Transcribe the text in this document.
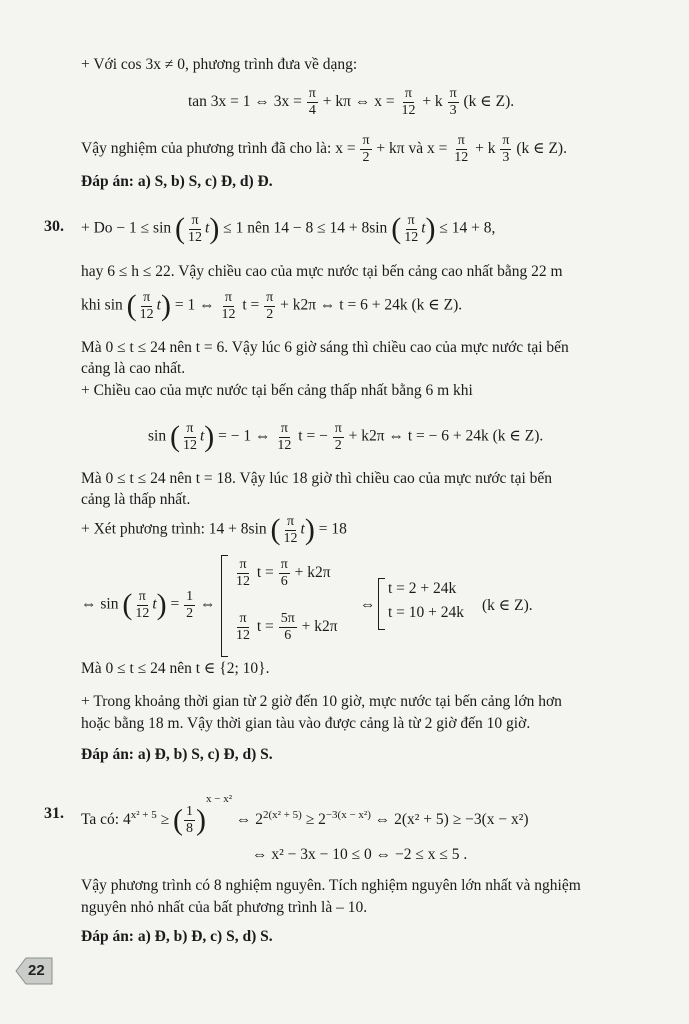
+ Với cos 3x ≠ 0, phương trình đưa về dạng:
tan 3x = 1 ⇔ $3x = \frac{\pi}{4} + k\pi$ ⇔ $x = \frac{\pi}{12} + k \frac{\pi}{3} (k$ ∈ Z).
Vậy nghiệm của phương trình đã cho là: $x = \frac{\pi}{2} + k\pi$ và $x = \frac{\pi}{12} + k \frac{\pi}{3} (k$ ∈ Z).
Đáp án: a) S, b) S, c) Đ, d) Đ.
30. + Do − 1 ≤ sin ( $\frac{\pi}{12} t) \le 1$ nên 14 − 8 ≤ 14 + 8sin ( $\frac{\pi}{12} t) \le 14 + 8$,
hay 6 ≤ h ≤ 22. Vậy chiều cao của mực nước tại bến cảng cao nhất bằng 22 m
khi sin ( $\frac{\pi}{12} t) = 1$ ⇔ $\frac{\pi}{12}$ $t = \frac{\pi}{2} + k2\pi$ ⇔ t = 6 + 24k (k ∈ Z).
Mà 0 ≤ t ≤ 24 nên t = 6. Vậy lúc 6 giờ sáng thì chiều cao của mực nước tại bến
cảng là cao nhất.
+ Chiều cao của mực nước tại bến cảng thấp nhất bằng 6 m khi
sin ( $\frac{\pi}{12} t$) = − 1 ⇔ $\frac{\pi}{12}$ t = − $\frac{\pi}{2} + k2\pi$ ⇔ t = − 6 + 24k (k ∈ Z).
Mà 0 ≤ t ≤ 24 nên t = 18. Vậy lúc 18 giờ thì chiều cao của mực nước tại bến
cảng là thấp nhất.
+ Xét phương trình: 14 + 8sin ( $\frac{\pi}{12} t) = 18$
⇔ sin ( $\frac{\pi}{12} t) = \frac{1}{2}$ ⇔
$\frac{\pi}{12}$ $t = \frac{\pi}{6} + k2\pi$
$\frac{\pi}{12}$ $t = \frac{5\pi}{6} + k2\pi$
⇔
t = 2 + 24k
t = 10 + 24k (k ∈ Z).
Mà 0 ≤ t ≤ 24 nên t ∈ {2; 10}.
+ Trong khoảng thời gian từ 2 giờ đến 10 giờ, mực nước tại bến cảng lớn hơn
hoặc bằng 18 m. Vậy thời gian tàu vào được cảng là từ 2 giờ đến 10 giờ.
Đáp án: a) Đ, b) S, c) Đ, d) S.
31. Ta có: $4^{x^2 + 5}$ ≥ ( $\frac{1}{8} )^{x - x^2}$ ⇔ $2^{2(x^2 + 5)} \ge 2^{-3(x - x^2)}$ ⇔ 2(x² + 5) ≥ −3(x − x²)
⇔ x² − 3x − 10 ≤ 0 ⇔ −2 ≤ x ≤ 5 .
Vậy phương trình có 8 nghiệm nguyên. Tích nghiệm nguyên lớn nhất và nghiệm
nguyên nhỏ nhất của bất phương trình là – 10.
Đáp án: a) Đ, b) Đ, c) S, d) S.
22
